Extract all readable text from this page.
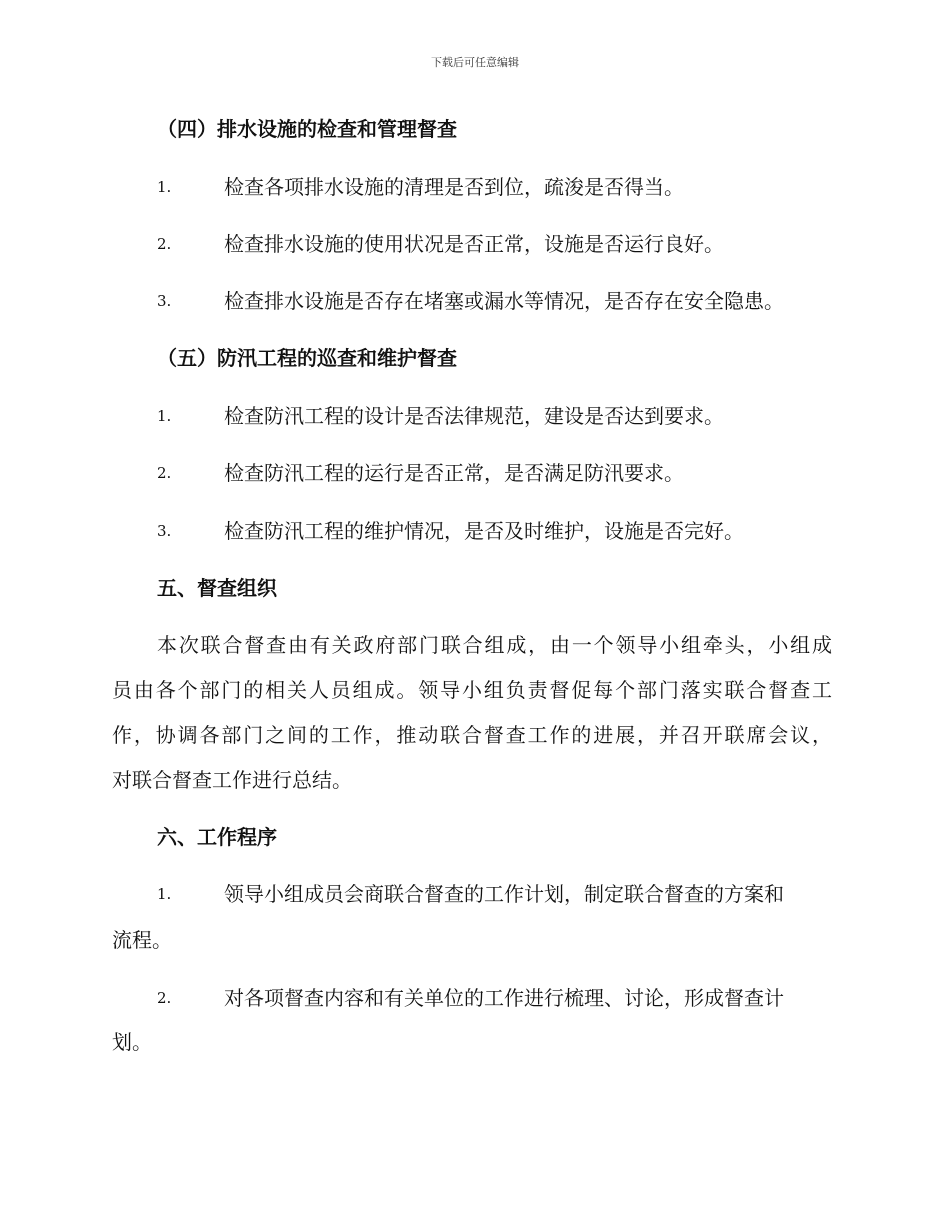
下载后可任意编辑
（四）排水设施的检查和管理督查
1.	检查各项排水设施的清理是否到位，疏浚是否得当。
2.	检查排水设施的使用状况是否正常，设施是否运行良好。
3.	检查排水设施是否存在堵塞或漏水等情况，是否存在安全隐患。
（五）防汛工程的巡查和维护督查
1.	检查防汛工程的设计是否法律规范，建设是否达到要求。
2.	检查防汛工程的运行是否正常，是否满足防汛要求。
3.	检查防汛工程的维护情况，是否及时维护，设施是否完好。
五、督查组织
本次联合督查由有关政府部门联合组成，由一个领导小组牵头，小组成
员由各个部门的相关人员组成。领导小组负责督促每个部门落实联合督查工
作，协调各部门之间的工作，推动联合督查工作的进展，并召开联席会议，
对联合督查工作进行总结。
六、工作程序
1.	领导小组成员会商联合督查的工作计划，制定联合督查的方案和
流程。
2.	对各项督查内容和有关单位的工作进行梳理、讨论，形成督查计
划。
